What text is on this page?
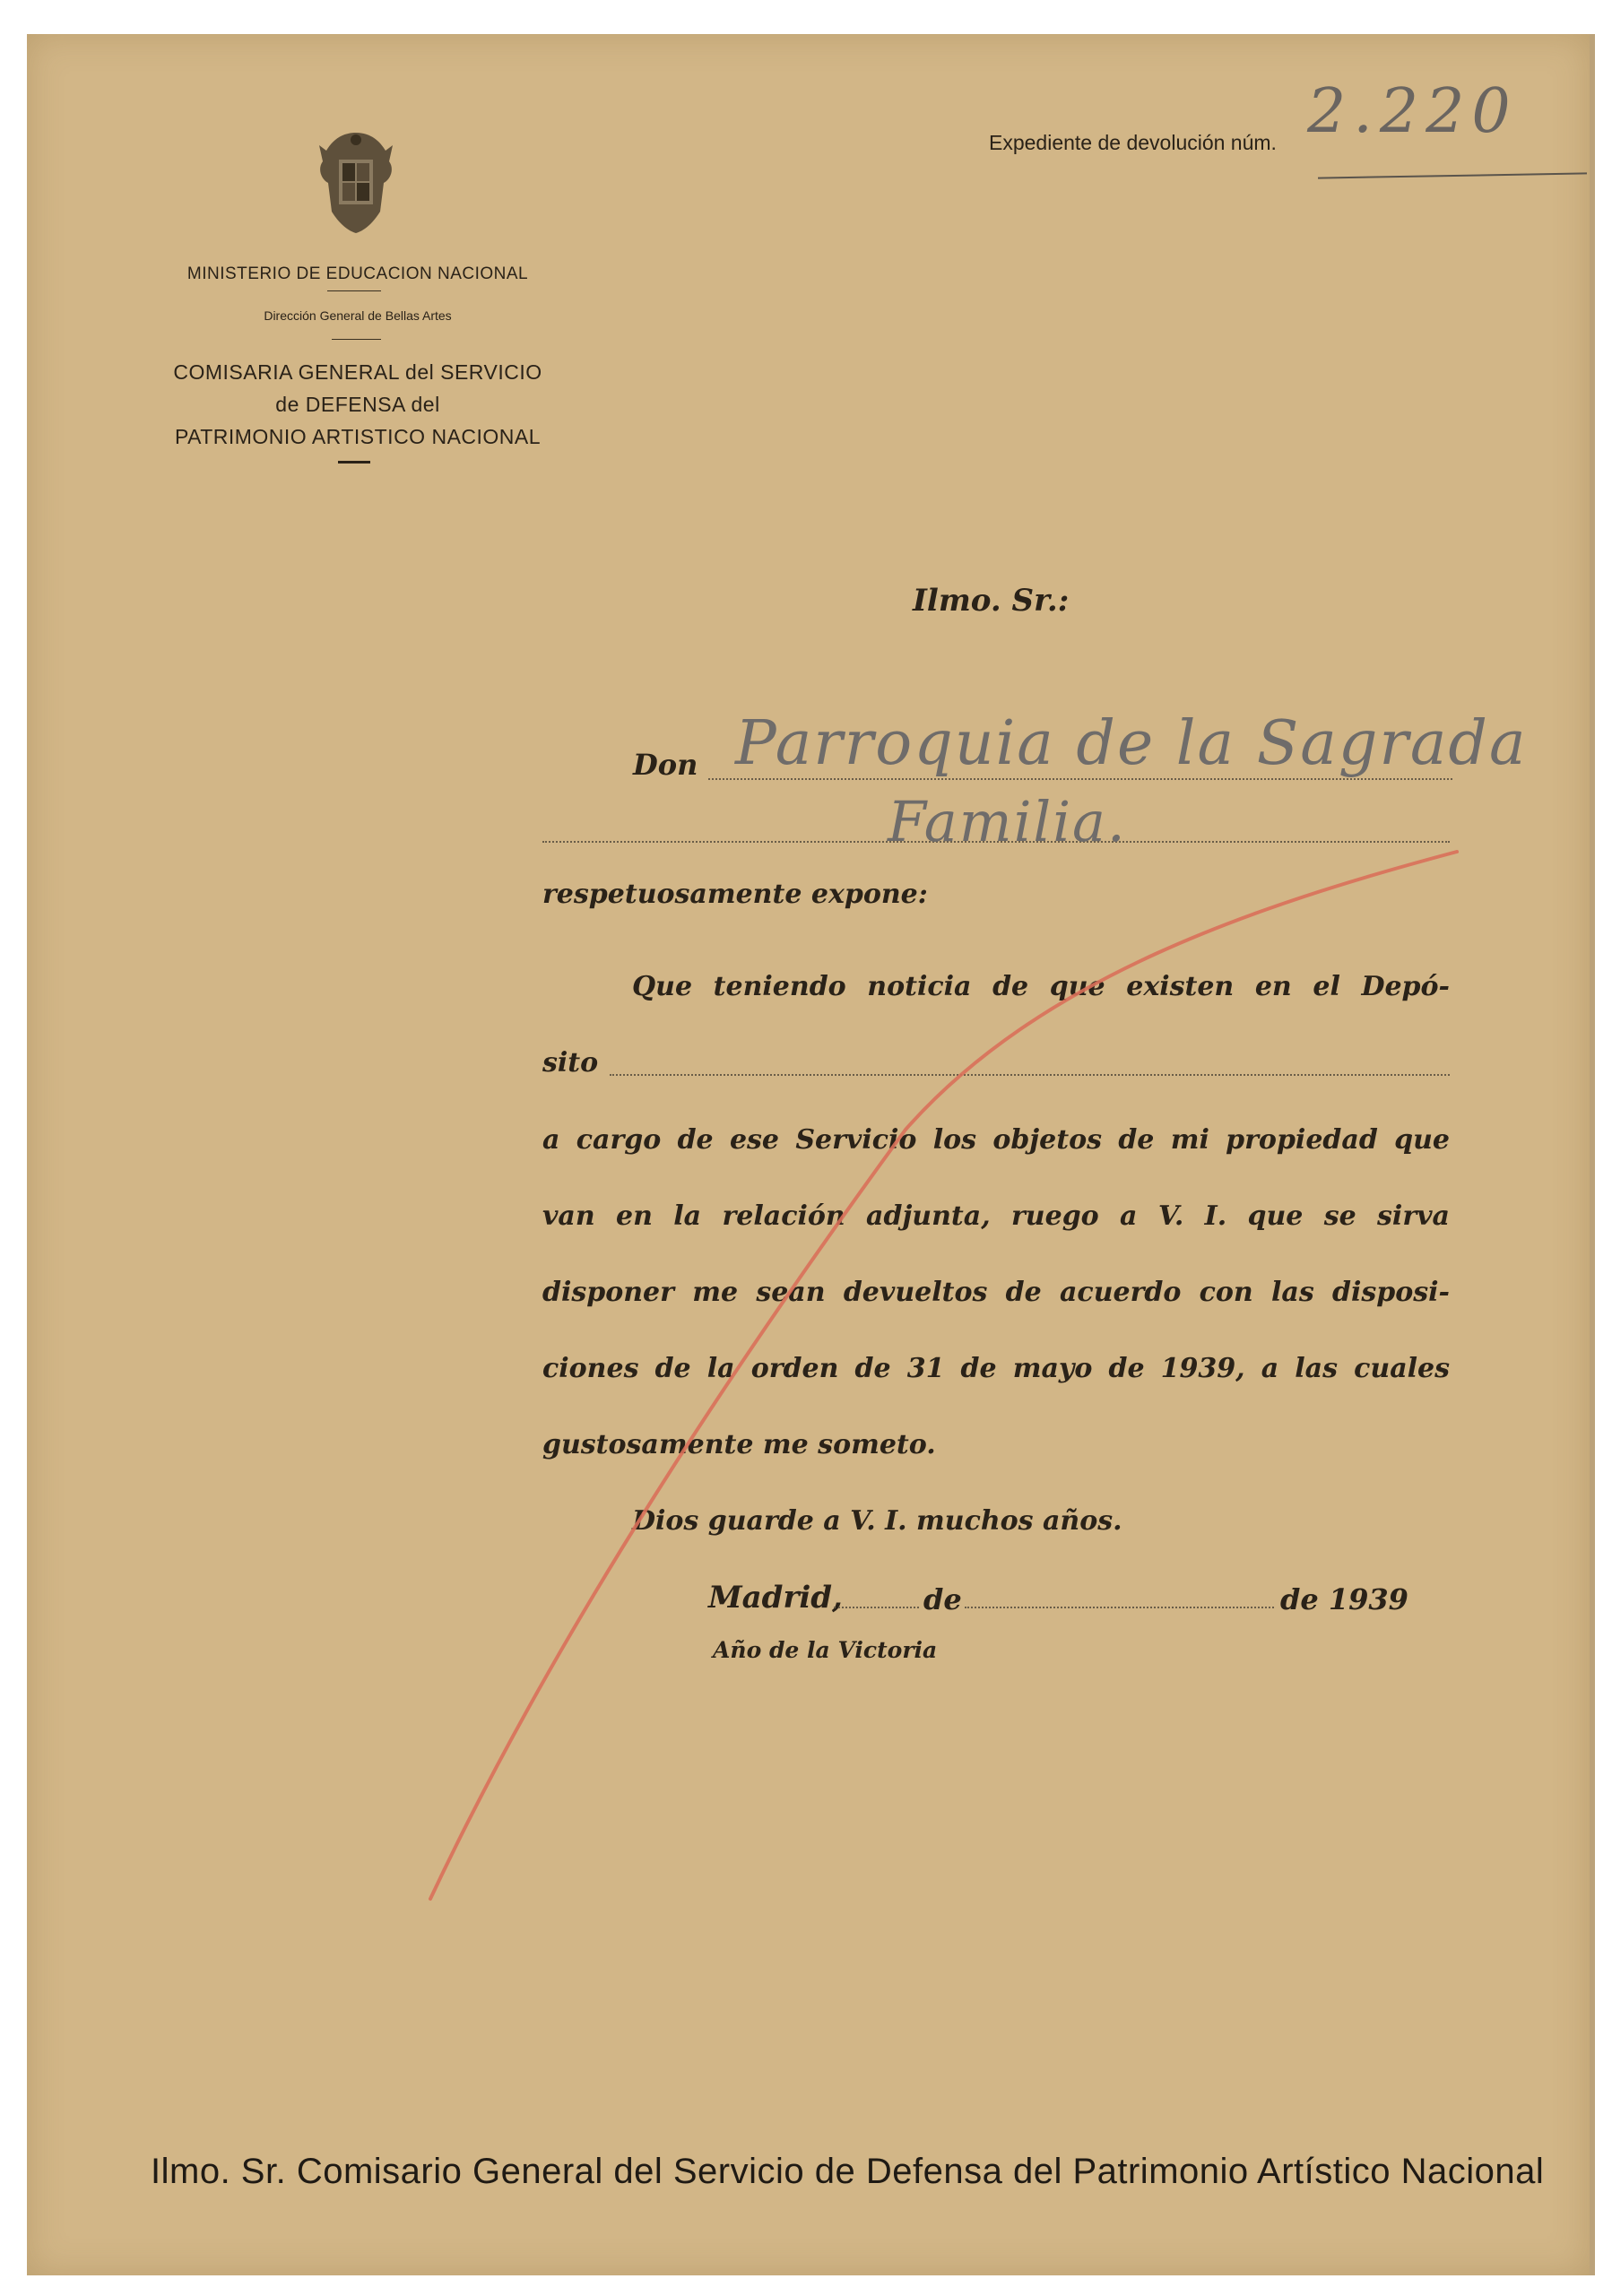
MINISTERIO DE EDUCACION NACIONAL
Dirección General de Bellas Artes
COMISARIA GENERAL del SERVICIO
de DEFENSA del
PATRIMONIO ARTISTICO NACIONAL
Expediente de devolución núm. 2.220
Ilmo. Sr.:
Don Parroquia de la Sagrada
Familia.
respetuosamente expone:
Que teniendo noticia de que existen en el Depó-
sito
a cargo de ese Servicio los objetos de mi propiedad que
van en la relación adjunta, ruego a V. I. que se sirva
disponer me sean devueltos de acuerdo con las disposi-
ciones de la orden de 31 de mayo de 1939, a las cuales
gustosamente me someto.
Dios guarde a V. I. muchos años.
Madrid,	de	de 1939
Año de la Victoria
Ilmo. Sr. Comisario General del Servicio de Defensa del Patrimonio Artístico Nacional
